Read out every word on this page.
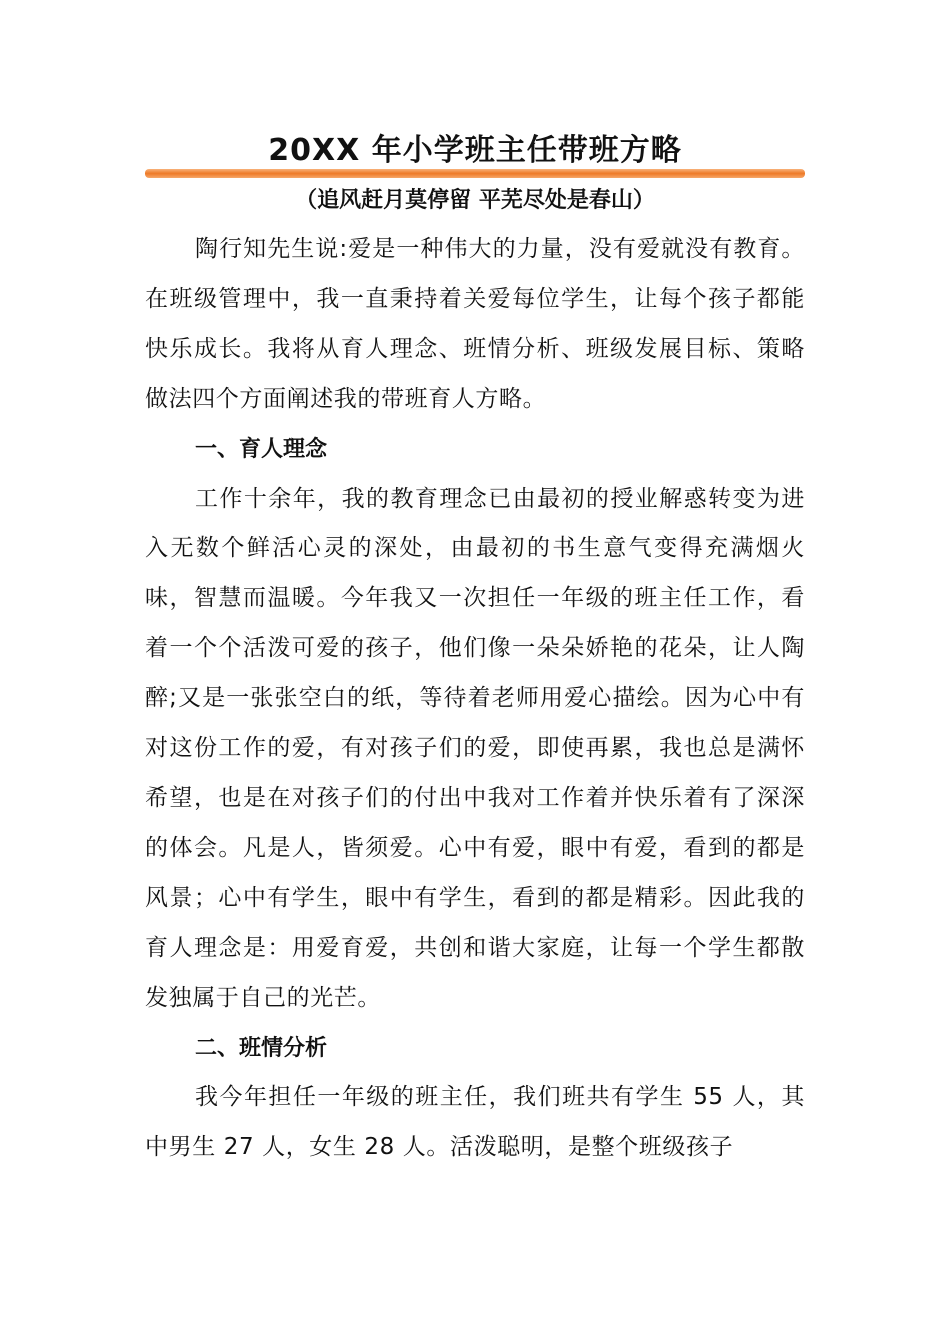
20XX 年小学班主任带班方略
（追风赶月莫停留 平芜尽处是春山）

陶行知先生说:爱是一种伟大的力量，没有爱就没有教育。在班级管理中，我一直秉持着关爱每位学生，让每个孩子都能快乐成长。我将从育人理念、班情分析、班级发展目标、策略做法四个方面阐述我的带班育人方略。

一、育人理念

工作十余年，我的教育理念已由最初的授业解惑转变为进入无数个鲜活心灵的深处，由最初的书生意气变得充满烟火味，智慧而温暖。今年我又一次担任一年级的班主任工作，看着一个个活泼可爱的孩子，他们像一朵朵娇艳的花朵，让人陶醉;又是一张张空白的纸，等待着老师用爱心描绘。因为心中有对这份工作的爱，有对孩子们的爱，即使再累，我也总是满怀希望，也是在对孩子们的付出中我对工作着并快乐着有了深深的体会。凡是人，皆须爱。心中有爱，眼中有爱，看到的都是风景；心中有学生，眼中有学生，看到的都是精彩。因此我的育人理念是：用爱育爱，共创和谐大家庭，让每一个学生都散发独属于自己的光芒。

二、班情分析

我今年担任一年级的班主任，我们班共有学生 55 人，其中男生 27 人，女生 28 人。活泼聪明，是整个班级孩子
